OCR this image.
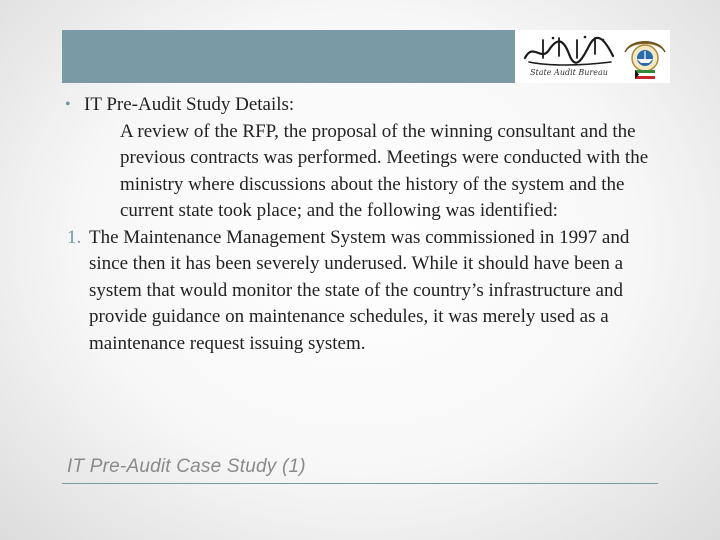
State Audit Bureau
• IT Pre-Audit Study Details:
A review of the RFP, the proposal of the winning consultant and the previous contracts was performed. Meetings were conducted with the ministry where discussions about the history of the system and the current state took place; and the following was identified:
1. The Maintenance Management System was commissioned in 1997 and since then it has been severely underused. While it should have been a system that would monitor the state of the country’s infrastructure and provide guidance on maintenance schedules, it was merely used as a maintenance request issuing system.
IT Pre-Audit Case Study (1)
